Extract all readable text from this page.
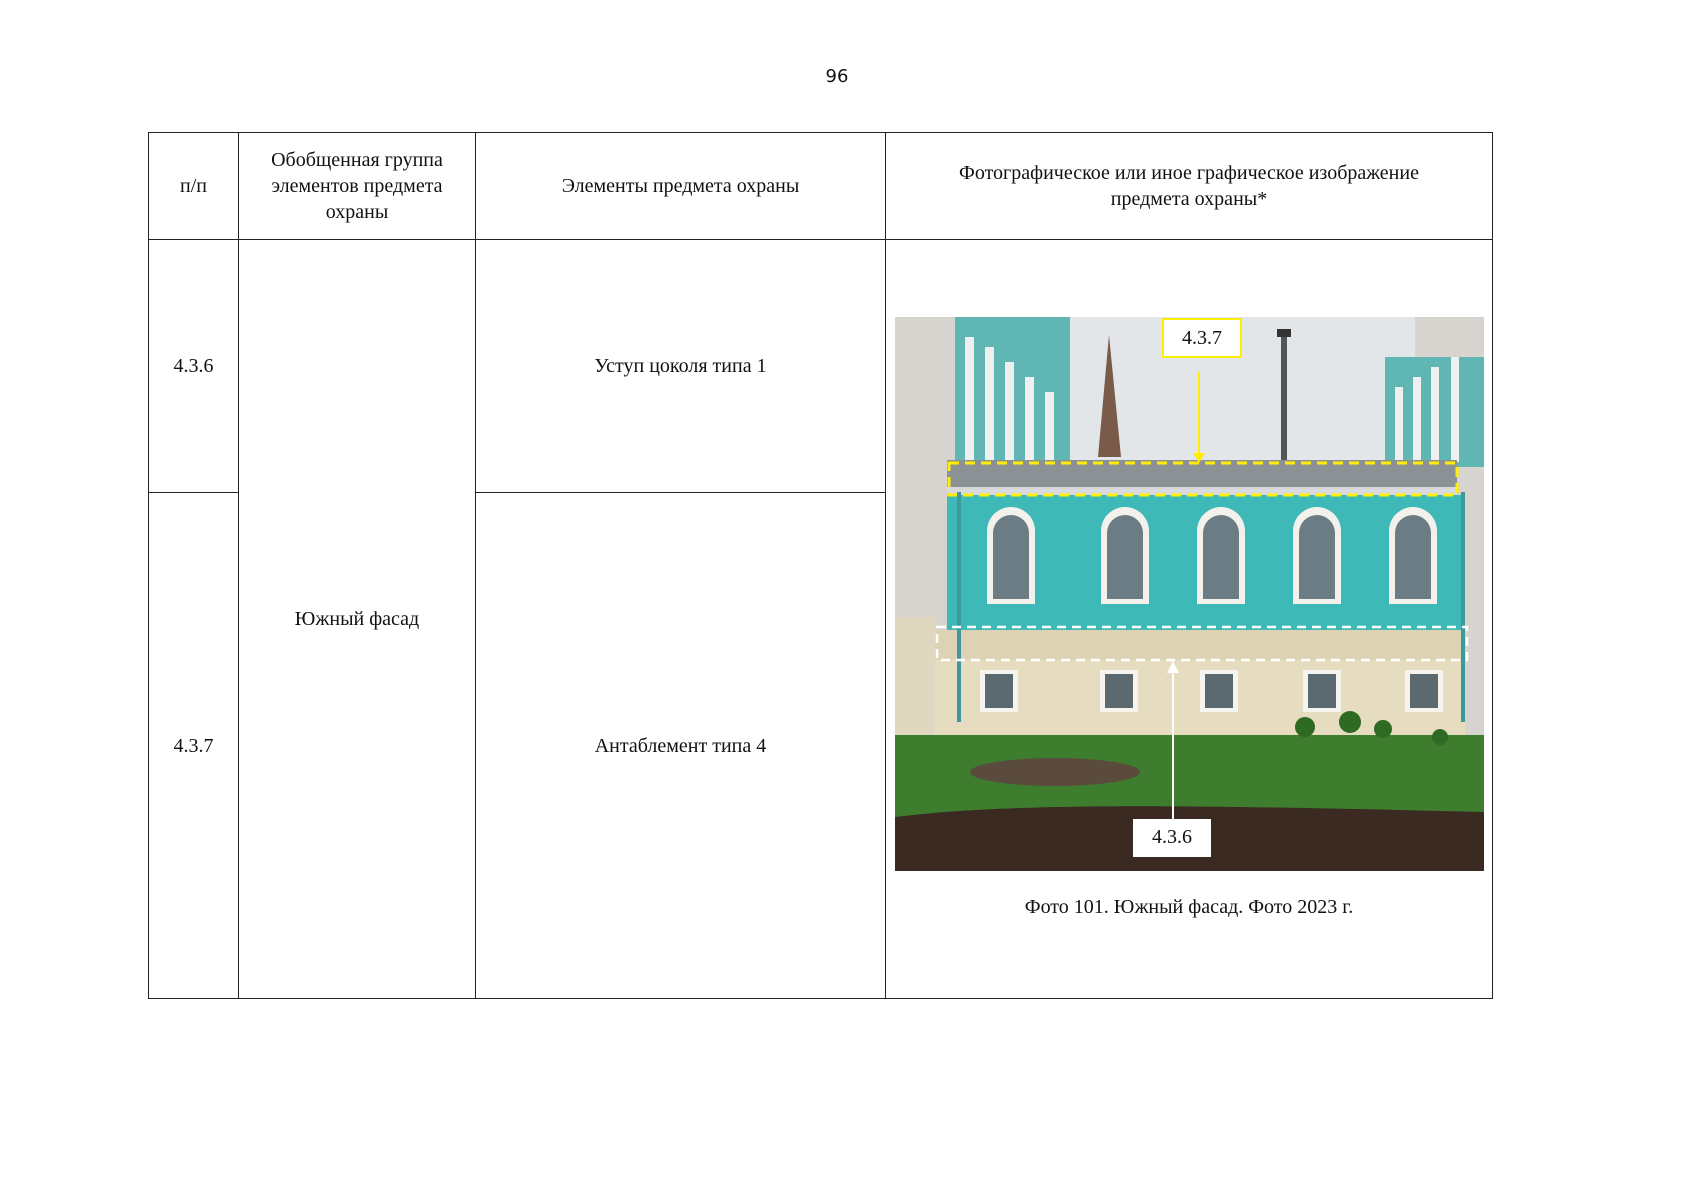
96
п/п	Обобщенная группа элементов предмета охраны	Элементы предмета охраны	Фотографическое или иное графическое изображение предмета охраны*

4.3.6	Южный фасад	Уступ цоколя типа 1	4.3.7
4.3.6
Фото 101. Южный фасад. Фото 2023 г.

4.3.7		Антаблемент типа 4	
